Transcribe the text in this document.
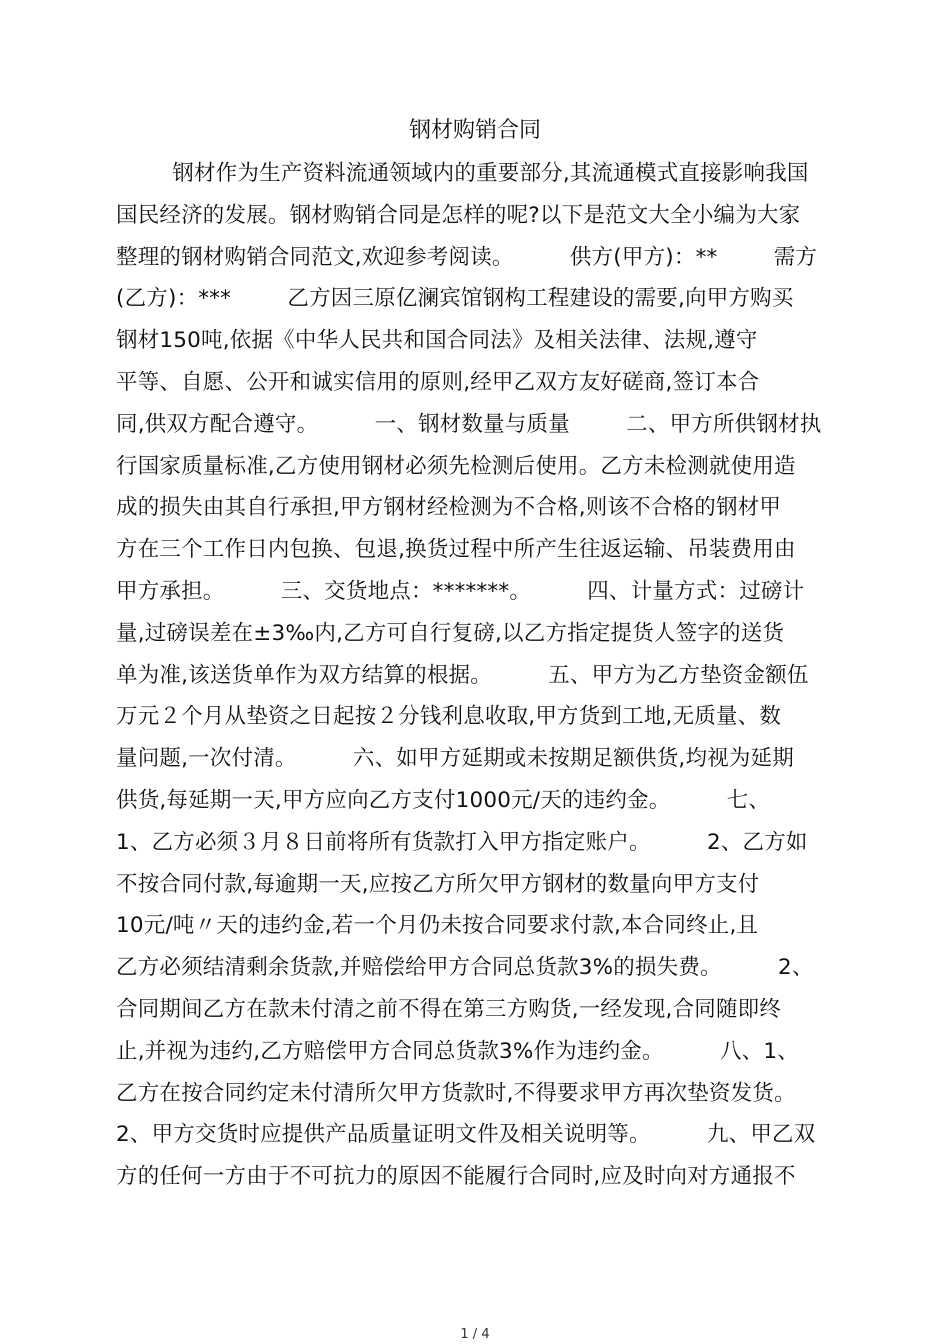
钢材购销合同
钢材作为生产资料流通领域内的重要部分,其流通模式直接影响我国
国民经济的发展。钢材购销合同是怎样的呢?以下是范文大全小编为大家
整理的钢材购销合同范文,欢迎参考阅读。        供方(甲方)：**        需方
(乙方)：***        乙方因三原亿澜宾馆钢构工程建设的需要,向甲方购买
钢材150吨,依据《中华人民共和国合同法》及相关法律、法规,遵守
平等、自愿、公开和诚实信用的原则,经甲乙双方友好磋商,签订本合
同,供双方配合遵守。        一、钢材数量与质量        二、甲方所供钢材执
行国家质量标准,乙方使用钢材必须先检测后使用。乙方未检测就使用造
成的损失由其自行承担,甲方钢材经检测为不合格,则该不合格的钢材甲
方在三个工作日内包换、包退,换货过程中所产生往返运输、吊装费用由
甲方承担。        三、交货地点：*******。        四、计量方式：过磅计
量,过磅误差在±3‰内,乙方可自行复磅,以乙方指定提货人签字的送货
单为准,该送货单作为双方结算的根据。        五、甲方为乙方垫资金额伍
万元２个月从垫资之日起按２分钱利息收取,甲方货到工地,无质量、数
量问题,一次付清。        六、如甲方延期或未按期足额供货,均视为延期
供货,每延期一天,甲方应向乙方支付1000元/天的违约金。        七、
1、乙方必须３月８日前将所有货款打入甲方指定账户。        2、乙方如
不按合同付款,每逾期一天,应按乙方所欠甲方钢材的数量向甲方支付
10元/吨〃天的违约金,若一个月仍未按合同要求付款,本合同终止,且
乙方必须结清剩余货款,并赔偿给甲方合同总货款3%的损失费。        2、
合同期间乙方在款未付清之前不得在第三方购货,一经发现,合同随即终
止,并视为违约,乙方赔偿甲方合同总货款3%作为违约金。        八、1、
乙方在按合同约定未付清所欠甲方货款时,不得要求甲方再次垫资发货。
2、甲方交货时应提供产品质量证明文件及相关说明等。        九、甲乙双
方的任何一方由于不可抗力的原因不能履行合同时,应及时向对方通报不
1 / 4
